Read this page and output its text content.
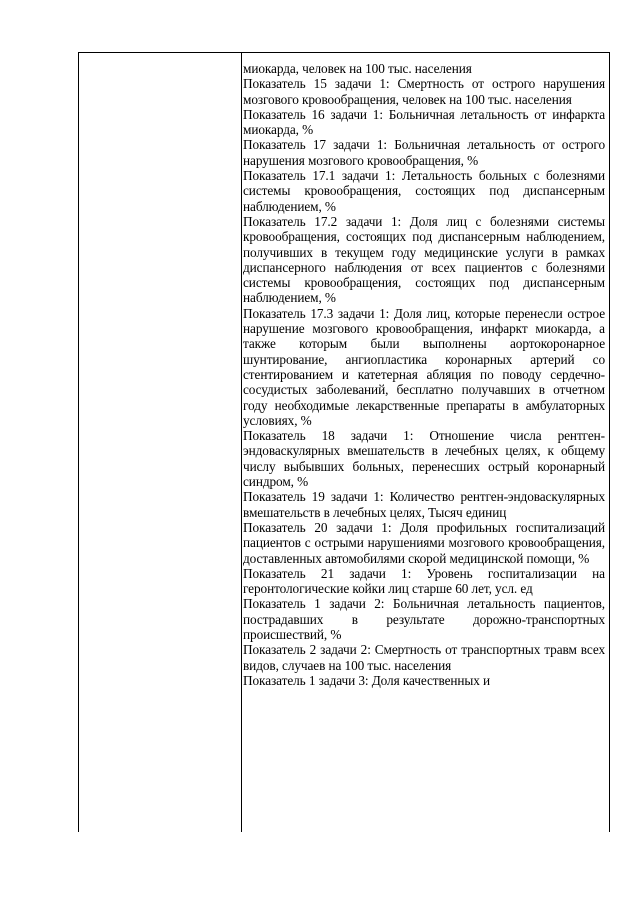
миокарда, человек на 100 тыс. населения

Показатель 15 задачи 1: Смертность от острого нарушения мозгового кровообращения, человек на 100 тыс. населения

Показатель 16 задачи 1: Больничная летальность от инфаркта миокарда, %

Показатель 17 задачи 1: Больничная летальность от острого нарушения мозгового кровообращения, %

Показатель 17.1 задачи 1: Летальность больных с болезнями системы кровообращения, состоящих под диспансерным наблюдением, %

Показатель 17.2 задачи 1: Доля лиц с болезнями системы кровообращения, состоящих под диспансерным наблюдением, получивших в текущем году медицинские услуги в рамках диспансерного наблюдения от всех пациентов с болезнями системы кровообращения, состоящих под диспансерным наблюдением, %

Показатель 17.3 задачи 1: Доля лиц, которые перенесли острое нарушение мозгового кровообращения, инфаркт миокарда, а также которым были выполнены аортокоронарное шунтирование, ангиопластика коронарных артерий со стентированием и катетерная абляция по поводу сердечно-сосудистых заболеваний, бесплатно получавших в отчетном году необходимые лекарственные препараты в амбулаторных условиях, %

Показатель 18 задачи 1: Отношение числа рентген-эндоваскулярных вмешательств в лечебных целях, к общему числу выбывших больных, перенесших острый коронарный синдром, %

Показатель 19 задачи 1: Количество рентген-эндоваскулярных вмешательств в лечебных целях, Тысяч единиц

Показатель 20 задачи 1: Доля профильных госпитализаций пациентов с острыми нарушениями мозгового кровообращения, доставленных автомобилями скорой медицинской помощи, %

Показатель 21 задачи 1: Уровень госпитализации на геронтологические койки лиц старше 60 лет, усл. ед

Показатель 1 задачи 2: Больничная летальность пациентов, пострадавших в результате дорожно-транспортных происшествий, %

Показатель 2 задачи 2: Смертность от транспортных травм всех видов, случаев на 100 тыс. населения

Показатель 1 задачи 3: Доля качественных и
